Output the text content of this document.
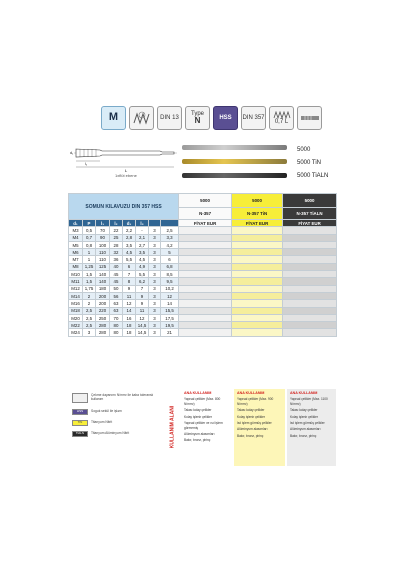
M	DIN 13
Type
N	HSS	DIN 357
0,7 L
L
l₂
d₁
1xflüt ebene
5000
5000 TiN
5000 TiALN
SOMUN KILAVUZU DIN 357 HSS								5000	5000	5000
								N-357	N-357 TiN	N-357 TiALN
d₁	P	l₁	l₂	d₁	l₃			FİYAT EUR	FİYAT EUR	FİYAT EUR
M3	0,5	70	22	2,2	-	3	2,5			
M4	0,7	90	25	2,8	2,1	3	3,3			
M5	0,8	100	28	3,5	2,7	3	4,2			
M6	1	110	32	4,5	3,5	3	5			
M7	1	110	36	5,5	4,5	3	6			
M8	1,25	125	40	6	4,9	3	6,8			
M10	1,5	140	45	7	5,5	3	8,5			
M11	1,5	140	45	8	6,2	3	9,5			
M12	1,75	180	50	9	7	3	10,2			
M14	2	200	56	11	9	3	12			
M16	2	200	63	12	9	3	14			
M18	2,5	220	63	14	11	3	15,5			
M20	2,5	250	70	16	12	3	17,5			
M22	2,5	280	80	18	14,5	3	19,5			
M24	3	280	80	18	14,5	3	21			
Çekme dayanımı N/mm² ile kaba toleranslı kullanım
HSS	Soguk sekül ile işləm
TiN	Titanyum Nitrit
TiALN	Titanyum Alüminyum Nitrit	KULLANIM ALANI
ANA KULLANIM

Yapısal çelikler (Max. 800 N/mm²)

Talası kolay çelikler

Kolay işlenir çelikler

Yapısal çelikler ve ısıl işlem görmemiş

Alüminyum alasımları

Bakır, bronz, pirinç

ANA KULLANIM

Yapısal çelikler (Max. 900 N/mm²)

Talası kolay çelikler

Kolay işlenir çelikler

Isıl işlem görmüş çelikler

Alüminyum alasımları

Bakır, bronz, pirinç

ANA KULLANIM

Yapısal çelikler (Max. 1100 N/mm²)

Talası kolay çelikler

Kolay işlenir çelikler

Isıl işlem görmüş çelikler

Alüminyum alasımları

Bakır, bronz, pirinç
